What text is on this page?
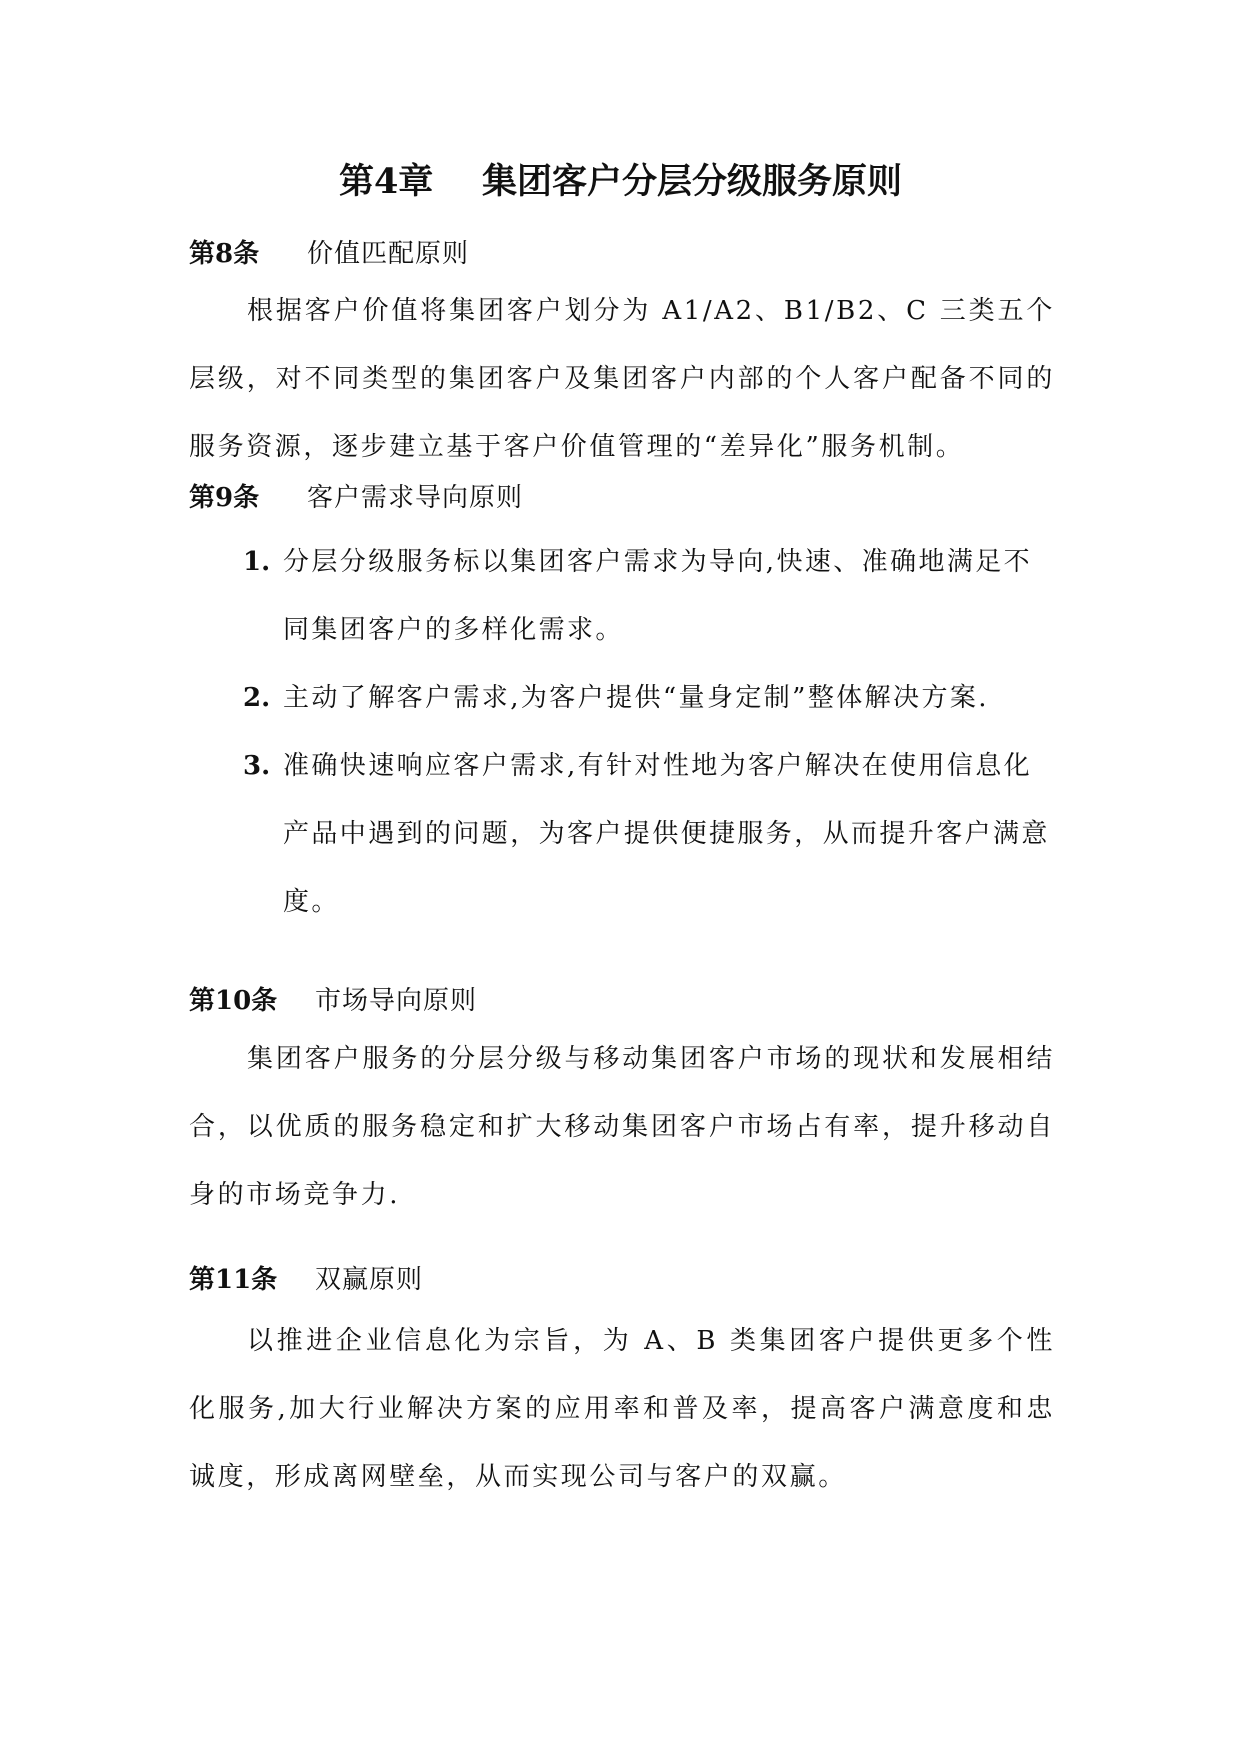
第4章    集团客户分层分级服务原则
第8条 价值匹配原则
根据客户价值将集团客户划分为 A1/A2、B1/B2、C 三类五个层级，对不同类型的集团客户及集团客户内部的个人客户配备不同的服务资源，逐步建立基于客户价值管理的“差异化”服务机制。
第9条 客户需求导向原则
1. 分层分级服务标以集团客户需求为导向,快速、准确地满足不同集团客户的多样化需求。
2. 主动了解客户需求,为客户提供“量身定制”整体解决方案.
3. 准确快速响应客户需求,有针对性地为客户解决在使用信息化产品中遇到的问题，为客户提供便捷服务，从而提升客户满意度。
第10条 市场导向原则
集团客户服务的分层分级与移动集团客户市场的现状和发展相结合，以优质的服务稳定和扩大移动集团客户市场占有率，提升移动自身的市场竞争力.
第11条 双赢原则
以推进企业信息化为宗旨，为 A、B 类集团客户提供更多个性化服务,加大行业解决方案的应用率和普及率，提高客户满意度和忠诚度，形成离网壁垒，从而实现公司与客户的双赢。
